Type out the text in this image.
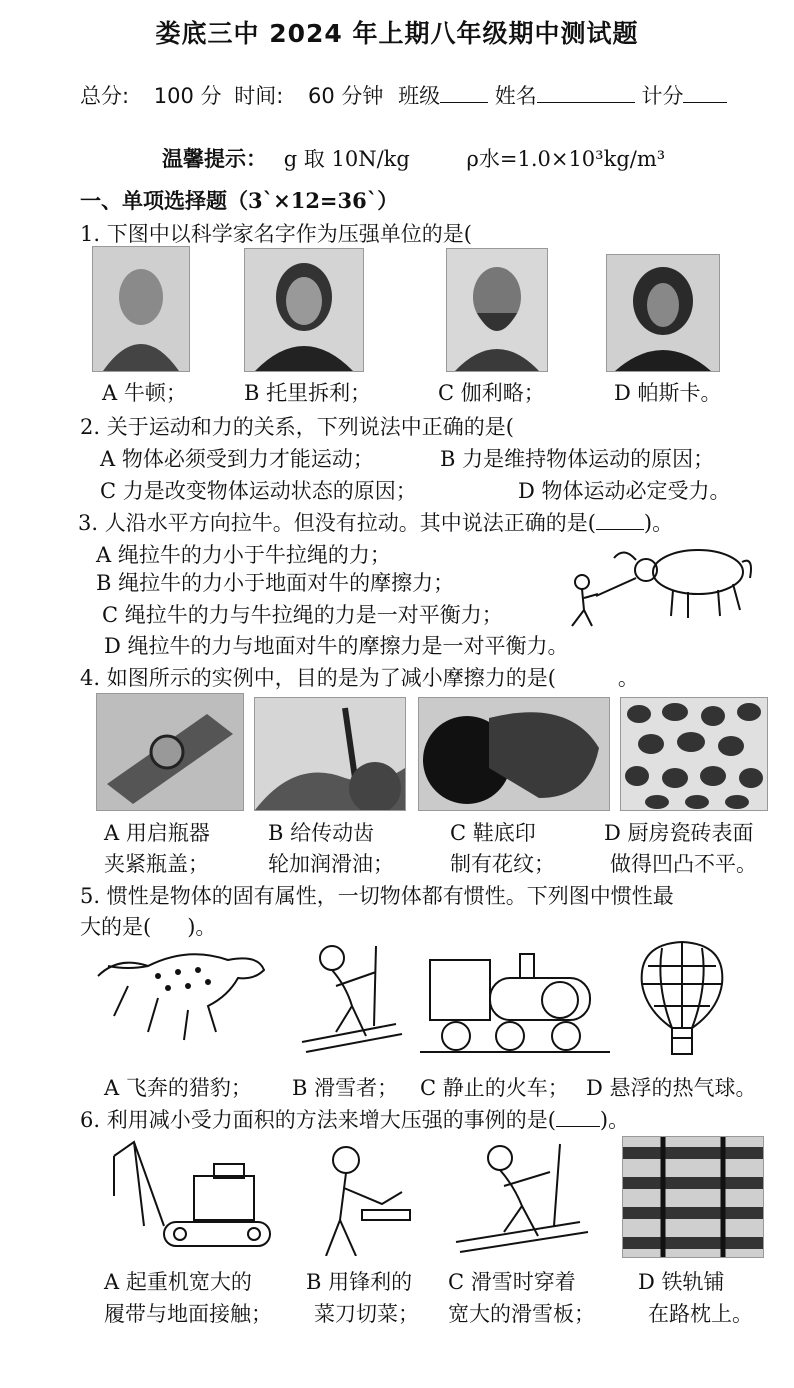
娄底三中 2024 年上期八年级期中测试题
总分: 100 分 时间: 60 分钟 班级	姓名	计分
温馨提示： g 取 10N/kg	ρ水=1.0×10³kg/m³
一、单项选择题（3`×12=36`）
1. 下图中以科学家名字作为压强单位的是(
A 牛顿；	B 托里拆利；	C 伽利略；	D 帕斯卡。
2. 关于运动和力的关系，下列说法中正确的是(
A 物体必须受到力才能运动；	B 力是维持物体运动的原因；
C 力是改变物体运动状态的原因；	D 物体运动必定受力。
3. 人沿水平方向拉牛。但没有拉动。其中说法正确的是( )。
A 绳拉牛的力小于牛拉绳的力；
B 绳拉牛的力小于地面对牛的摩擦力；
C 绳拉牛的力与牛拉绳的力是一对平衡力；
D 绳拉牛的力与地面对牛的摩擦力是一对平衡力。
4. 如图所示的实例中，目的是为了减小摩擦力的是(	。
A 用启瓶器
夹紧瓶盖；
B 给传动齿
轮加润滑油；
C 鞋底印
制有花纹；
D 厨房瓷砖表面
做得凹凸不平。
5. 惯性是物体的固有属性，一切物体都有惯性。下列图中惯性最
大的是( )。
A 飞奔的猎豹； B 滑雪者； C 静止的火车； D 悬浮的热气球。
6. 利用减小受力面积的方法来增大压强的事例的是( )。
A 起重机宽大的
履带与地面接触；
B 用锋利的
菜刀切菜；
C 滑雪时穿着
宽大的滑雪板；
D 铁轨铺
在路枕上。
